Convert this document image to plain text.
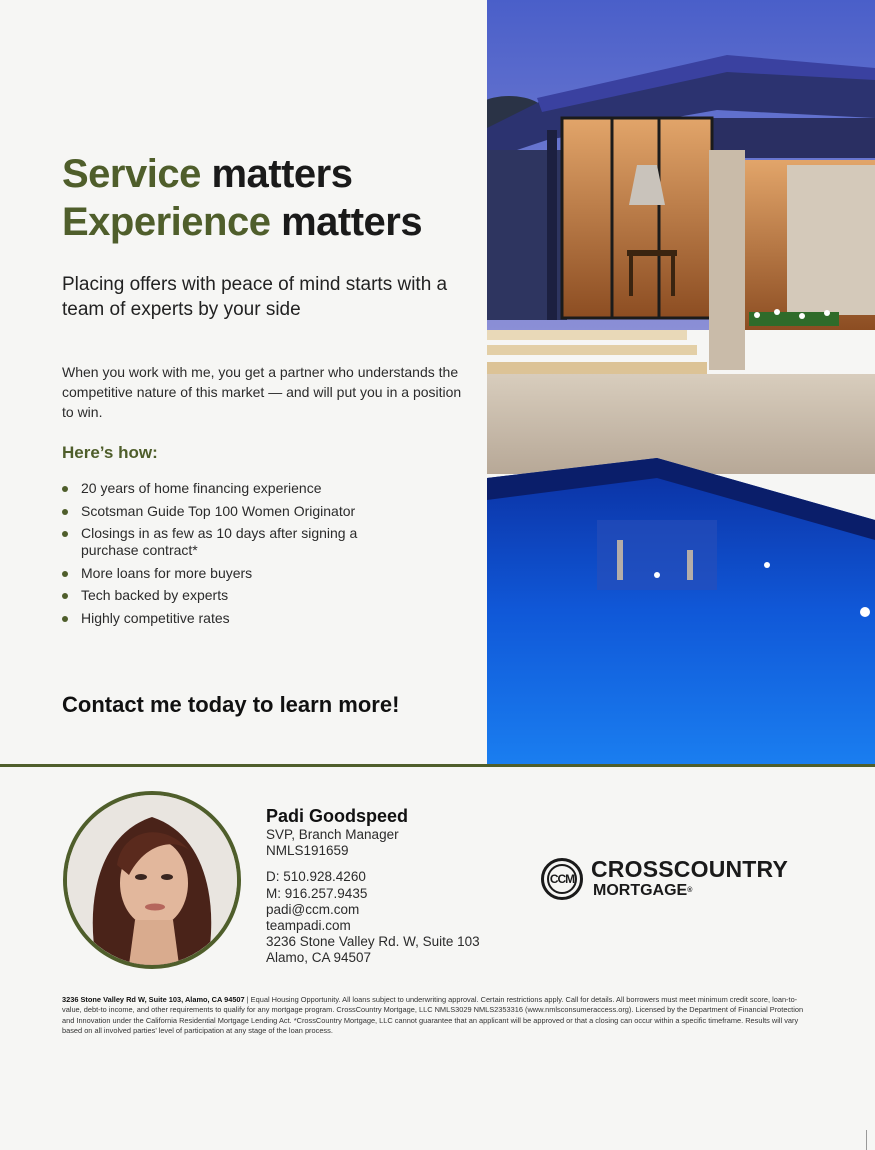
Service matters
Experience matters

Placing offers with peace of mind starts with a team of experts by your side

When you work with me, you get a partner who understands the competitive nature of this market — and will put you in a position to win.

Here’s how:
20 years of home financing experience
Scotsman Guide Top 100 Women Originator
Closings in as few as 10 days after signing a purchase contract*
More loans for more buyers
Tech backed by experts
Highly competitive rates

Contact me today to learn more!

Padi Goodspeed
SVP, Branch Manager
NMLS191659
D: 510.928.4260
M: 916.257.9435
padi@ccm.com
teampadi.com
3236 Stone Valley Rd. W, Suite 103
Alamo, CA 94507
CCM CROSSCOUNTRY
MORTGAGE®

3236 Stone Valley Rd W, Suite 103, Alamo, CA 94507 | Equal Housing Opportunity. All loans subject to underwriting approval. Certain restrictions apply. Call for details. All borrowers must meet minimum credit score, loan-to-value, debt-to income, and other requirements to qualify for any mortgage program. CrossCountry Mortgage, LLC NMLS3029 NMLS2353316 (www.nmlsconsumeraccess.org). Licensed by the Department of Financial Protection and Innovation under the California Residential Mortgage Lending Act. *CrossCountry Mortgage, LLC cannot guarantee that an applicant will be approved or that a closing can occur within a specific timeframe. Results will vary based on all involved parties’ level of participation at any stage of the loan process.
